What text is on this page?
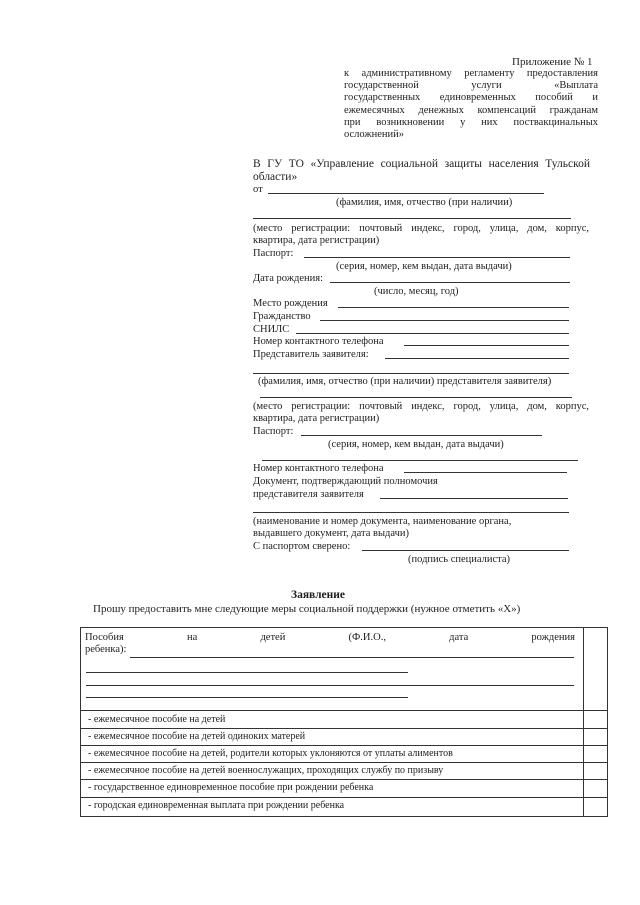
Приложение № 1
к административному регламенту предоставления
государственной услуги «Выплата
государственных единовременных пособий и
ежемесячных денежных компенсаций гражданам
при возникновении у них поствакцинальных
осложнений»
В ГУ ТО «Управление социальной защиты населения Тульской
области»
от
(фамилия, имя, отчество (при наличии)
(место регистрации: почтовый индекс, город, улица, дом, корпус,
квартира, дата регистрации)
Паспорт:
(серия, номер, кем выдан, дата выдачи)
Дата рождения:
(число, месяц, год)
Место рождения
Гражданство
СНИЛС
Номер контактного телефона
Представитель заявителя:
(фамилия, имя, отчество (при наличии) представителя заявителя)
(место регистрации: почтовый индекс, город, улица, дом, корпус,
квартира, дата регистрации)
Паспорт:
(серия, номер, кем выдан, дата выдачи)
Номер контактного телефона
Документ, подтверждающий полномочия
представителя заявителя
(наименование и номер документа, наименование органа,
выдавшего документ, дата выдачи)
С паспортом сверено:
(подпись специалиста)
Заявление
Прошу предоставить мне следующие меры социальной поддержки (нужное отметить «X»)
Пособия на детей (Ф.И.О., дата рождения
ребенка):
- ежемесячное пособие на детей
- ежемесячное пособие на детей одиноких матерей
- ежемесячное пособие на детей, родители которых уклоняются от уплаты алиментов
- ежемесячное пособие на детей военнослужащих, проходящих службу по призыву
- государственное единовременное пособие при рождении ребенка
- городская единовременная выплата при рождении ребенка
